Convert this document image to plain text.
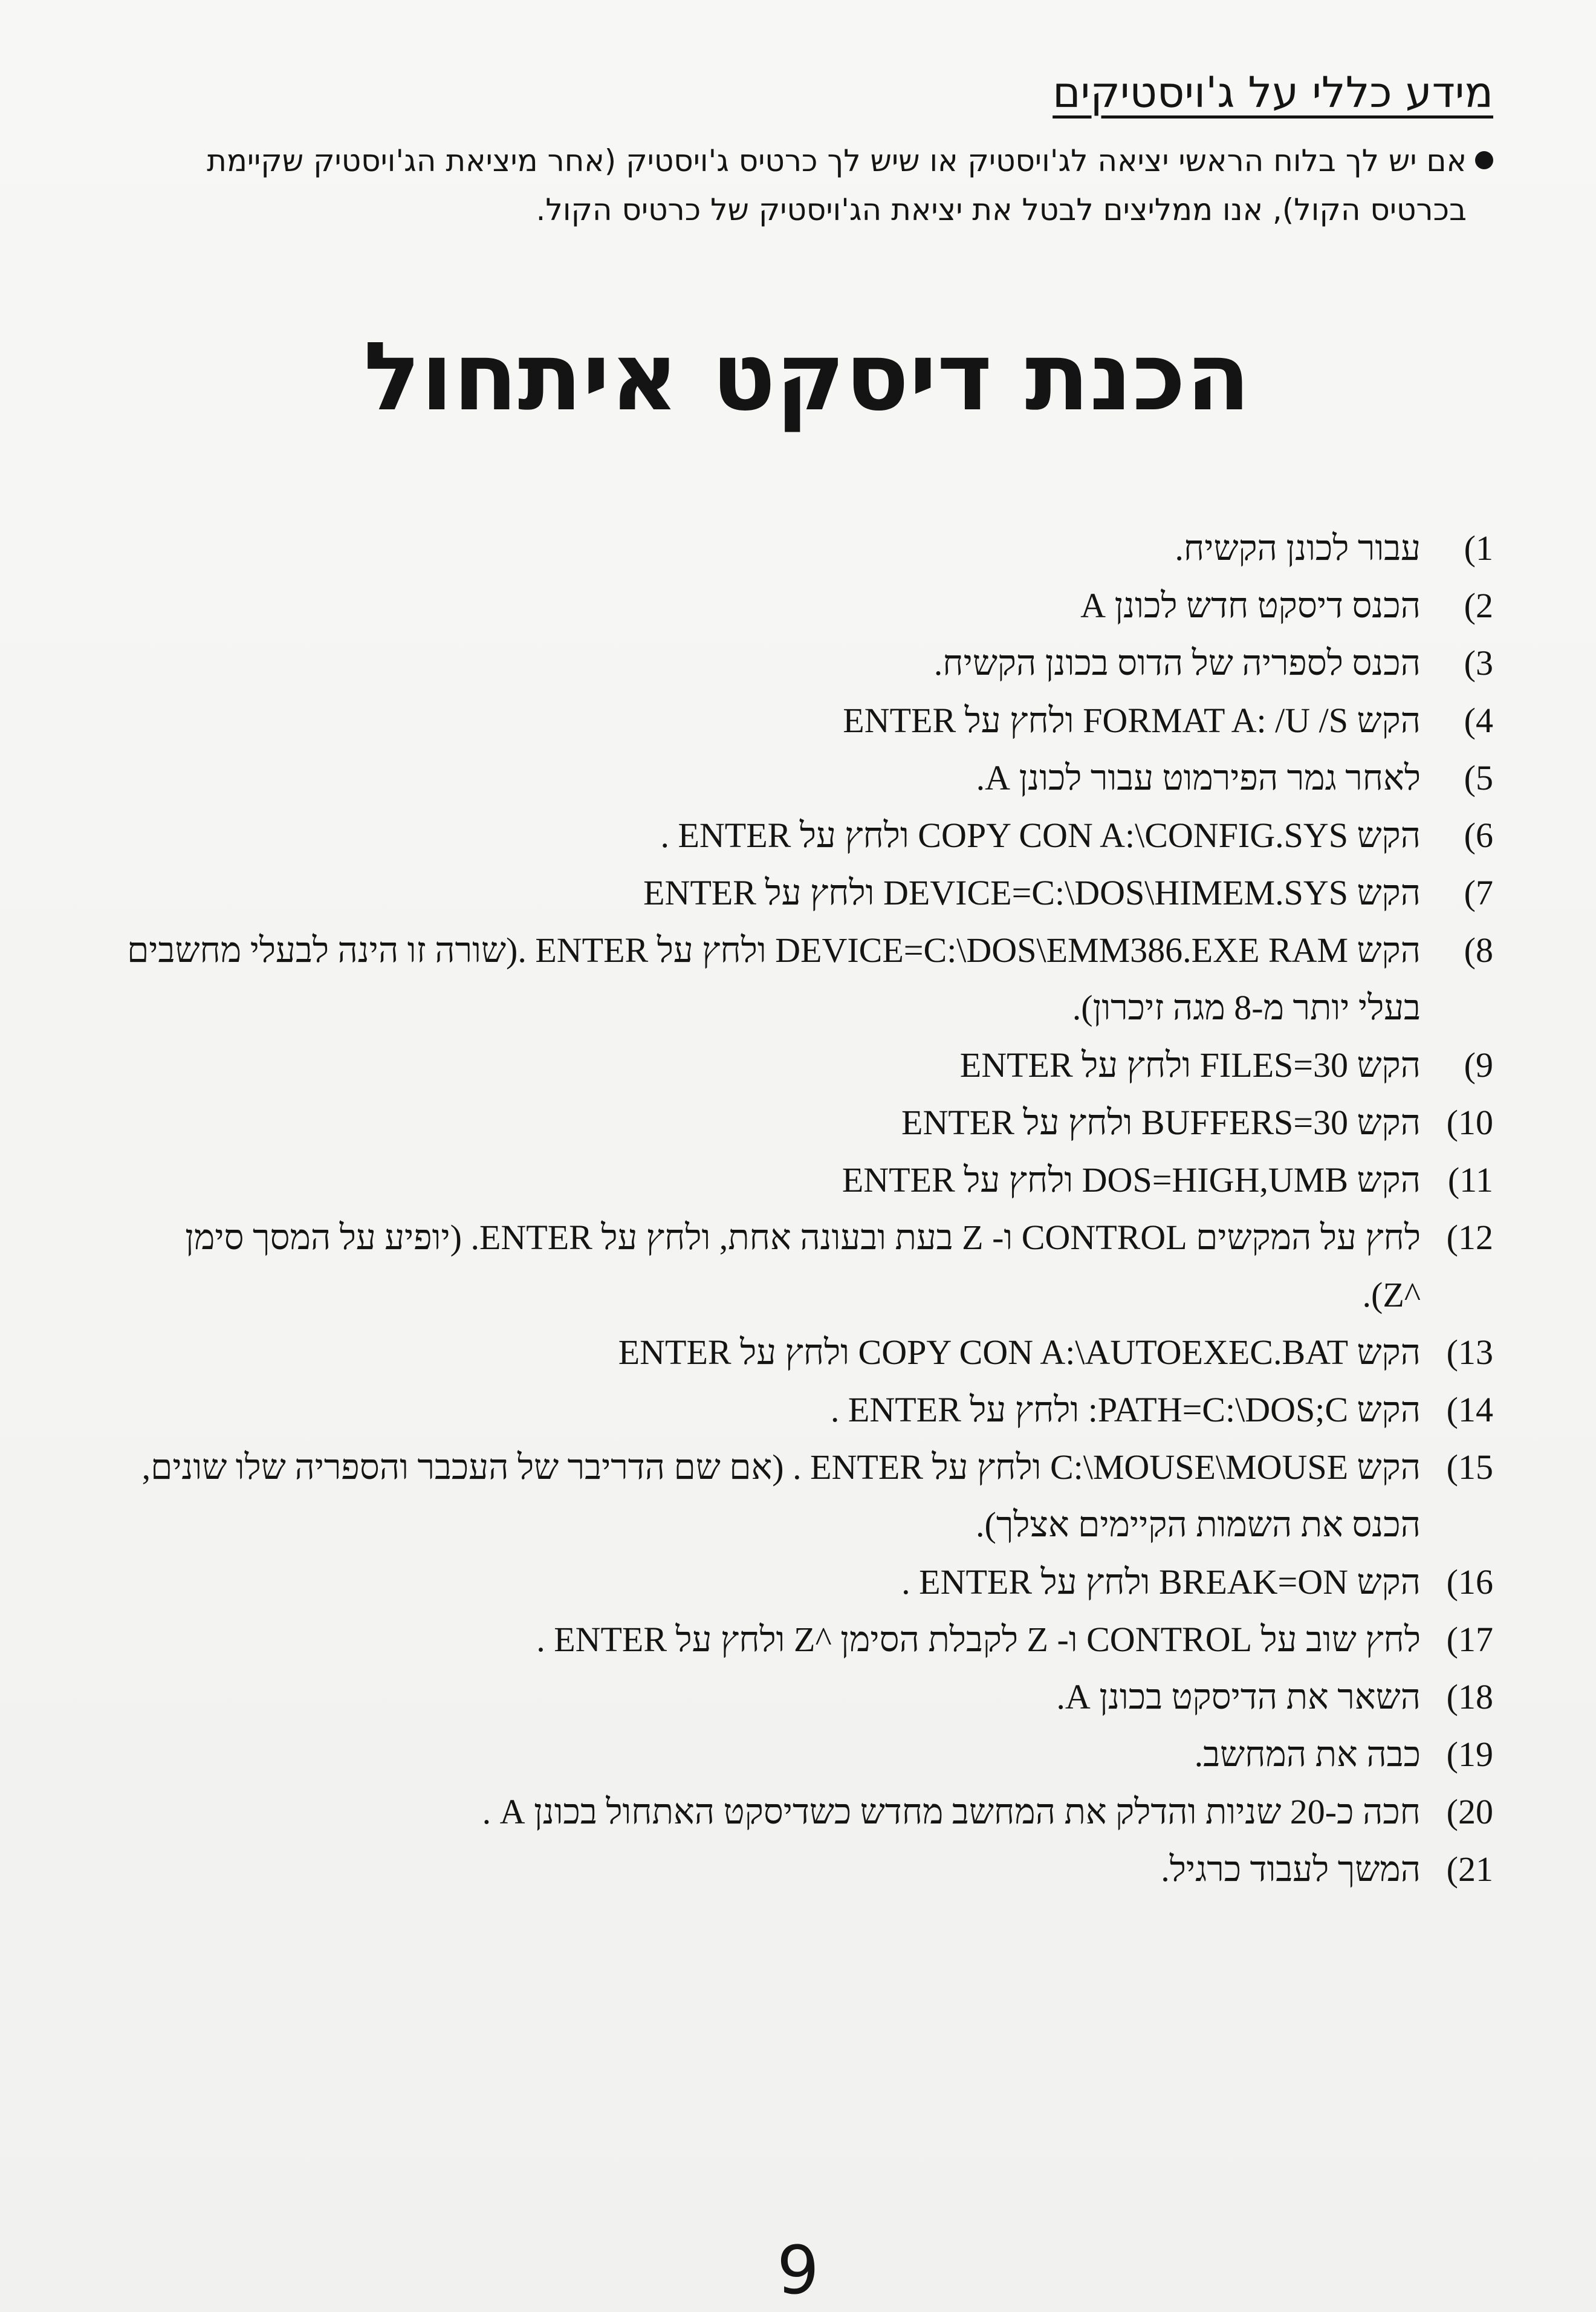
מידע כללי על ג'ויסטיקים
אם יש לך בלוח הראשי יציאה לג'ויסטיק או שיש לך כרטיס ג'ויסטיק (אחר מיציאת הג'ויסטיק שקיימת בכרטיס הקול), אנו ממליצים לבטל את יציאת הג'ויסטיק של כרטיס הקול.
הכנת דיסקט איתחול
1)
עבור לכונן הקשיח.
2)
הכנס דיסקט חדש לכונן A
3)
הכנס לספריה של הדוס בכונן הקשיח.
4)
הקש FORMAT A: /U /S ולחץ על ENTER
5)
לאחר גמר הפירמוט עבור לכונן A.
6)
הקש COPY CON A:\CONFIG.SYS ולחץ על ENTER .
7)
הקש DEVICE=C:\DOS\HIMEM.SYS ולחץ על ENTER
8)
הקש DEVICE=C:\DOS\EMM386.EXE RAM ולחץ על ENTER .(שורה זו הינה לבעלי מחשבים בעלי יותר מ-8 מגה זיכרון).
9)
הקש FILES=30 ולחץ על ENTER
10)
הקש BUFFERS=30 ולחץ על ENTER
11)
הקש DOS=HIGH,UMB ולחץ על ENTER
12)
לחץ על המקשים CONTROL ו- Z בעת ובעונה אחת, ולחץ על ENTER. (יופיע על המסך סימן ^Z).
13)
הקש COPY CON A:\AUTOEXEC.BAT ולחץ על ENTER
14)
הקש PATH=C:\DOS;C: ולחץ על ENTER .
15)
הקש C:\MOUSE\MOUSE ולחץ על ENTER . (אם שם הדריבר של העכבר והספריה שלו שונים, הכנס את השמות הקיימים אצלך).
16)
הקש BREAK=ON ולחץ על ENTER .
17)
לחץ שוב על CONTROL ו- Z לקבלת הסימן ^Z ולחץ על ENTER .
18)
השאר את הדיסקט בכונן A.
19)
כבה את המחשב.
20)
חכה כ-20 שניות והדלק את המחשב מחדש כשדיסקט האתחול בכונן A .
21)
המשך לעבוד כרגיל.
9
